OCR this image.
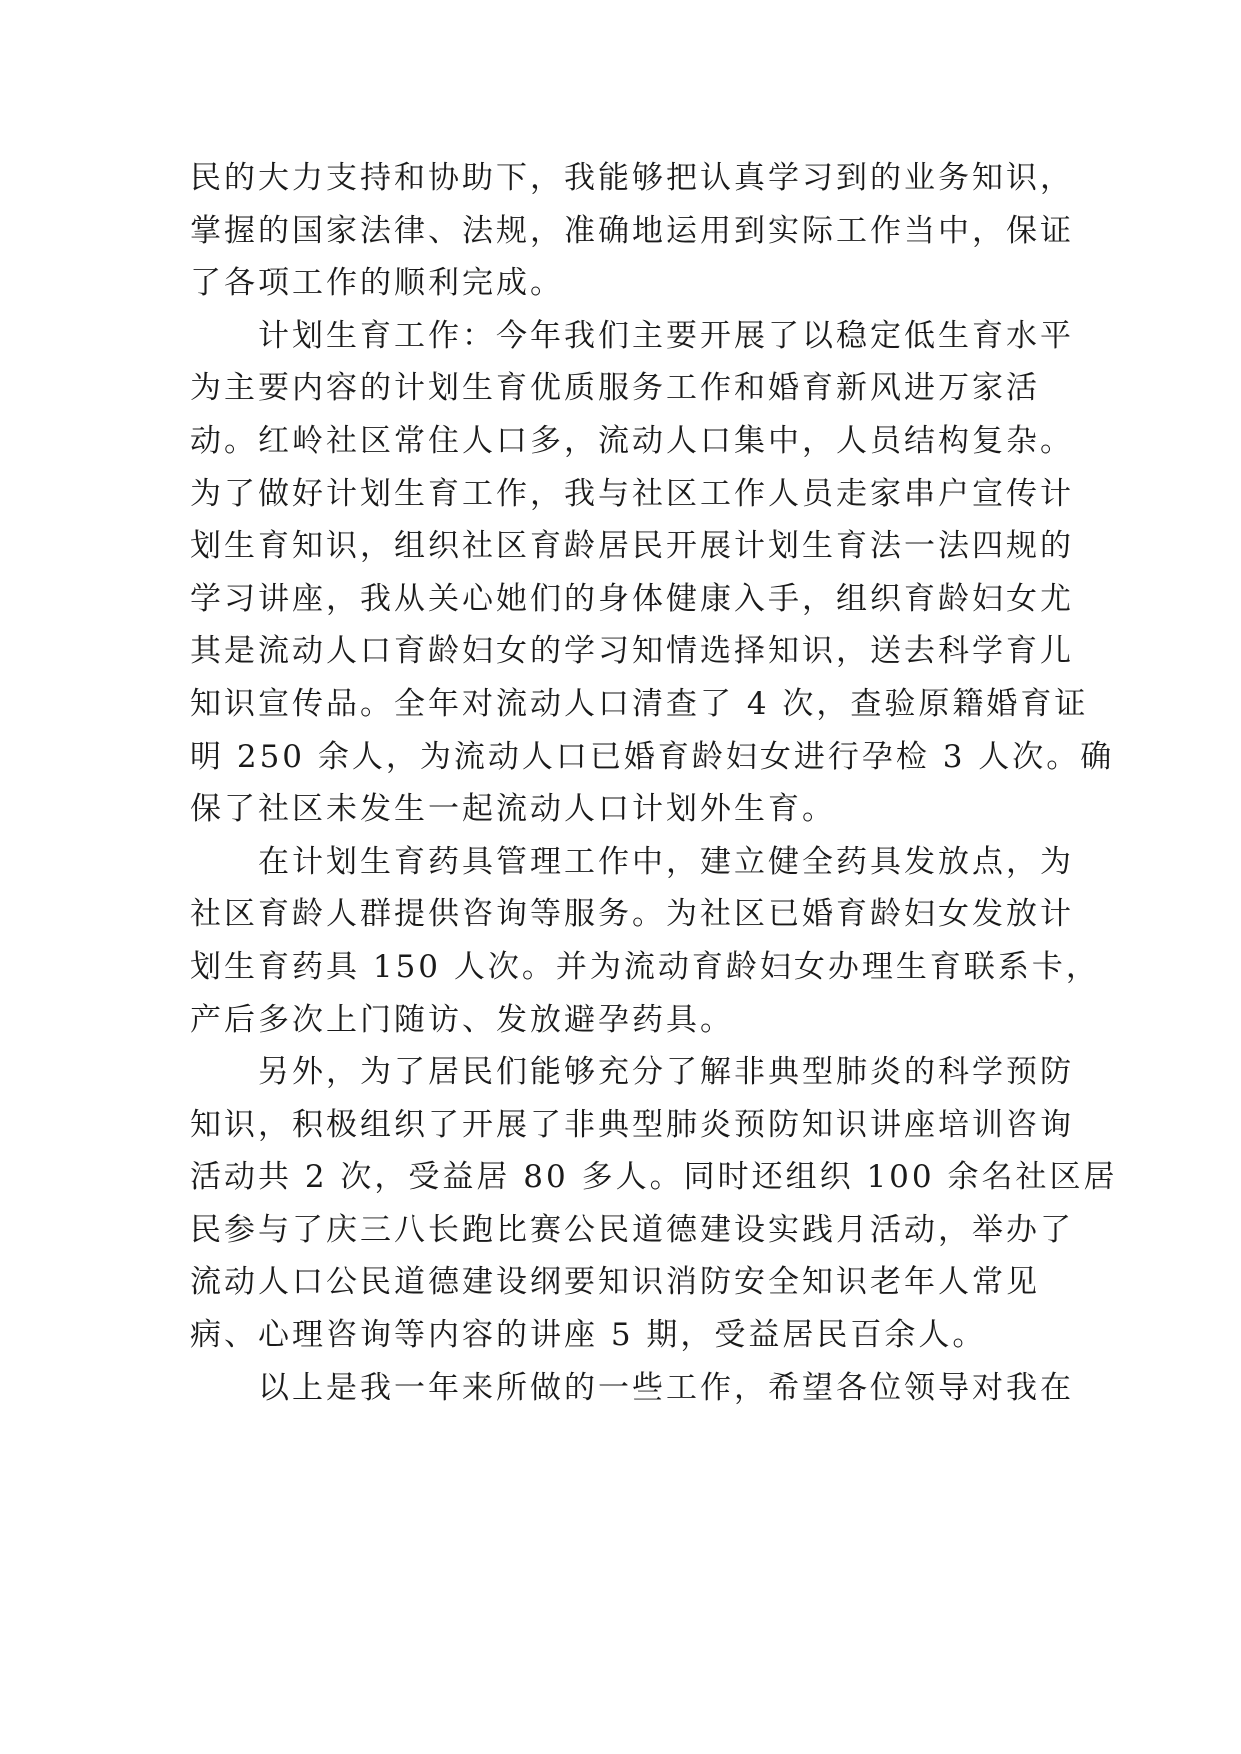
民的大力支持和协助下，我能够把认真学习到的业务知识，
掌握的国家法律、法规，准确地运用到实际工作当中，保证
了各项工作的顺利完成。
计划生育工作：今年我们主要开展了以稳定低生育水平
为主要内容的计划生育优质服务工作和婚育新风进万家活
动。红岭社区常住人口多，流动人口集中，人员结构复杂。
为了做好计划生育工作，我与社区工作人员走家串户宣传计
划生育知识，组织社区育龄居民开展计划生育法一法四规的
学习讲座，我从关心她们的身体健康入手，组织育龄妇女尤
其是流动人口育龄妇女的学习知情选择知识，送去科学育儿
知识宣传品。全年对流动人口清查了 4 次，查验原籍婚育证
明 250 余人，为流动人口已婚育龄妇女进行孕检 3 人次。确
保了社区未发生一起流动人口计划外生育。
在计划生育药具管理工作中，建立健全药具发放点，为
社区育龄人群提供咨询等服务。为社区已婚育龄妇女发放计
划生育药具 150 人次。并为流动育龄妇女办理生育联系卡，
产后多次上门随访、发放避孕药具。
另外，为了居民们能够充分了解非典型肺炎的科学预防
知识，积极组织了开展了非典型肺炎预防知识讲座培训咨询
活动共 2 次，受益居 80 多人。同时还组织 100 余名社区居
民参与了庆三八长跑比赛公民道德建设实践月活动，举办了
流动人口公民道德建设纲要知识消防安全知识老年人常见
病、心理咨询等内容的讲座 5 期，受益居民百余人。
以上是我一年来所做的一些工作，希望各位领导对我在
